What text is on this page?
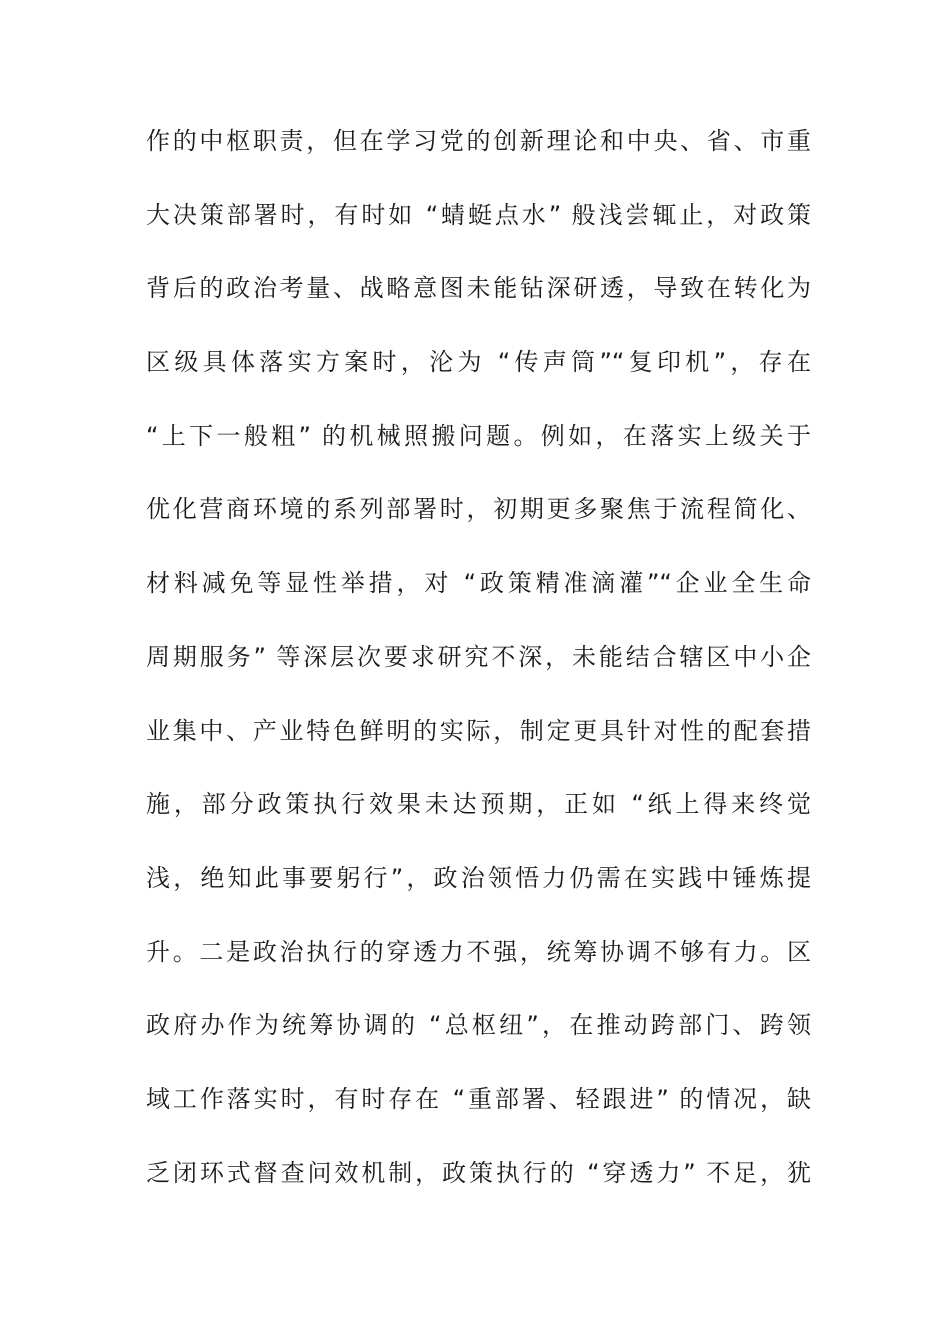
作的中枢职责，但在学习党的创新理论和中央、省、市重
大决策部署时，有时如 “蜻蜓点水” 般浅尝辄止，对政策
背后的政治考量、战略意图未能钻深研透，导致在转化为
区级具体落实方案时，沦为 “传声筒”“复印机”，存在
“上下一般粗” 的机械照搬问题。例如，在落实上级关于
优化营商环境的系列部署时，初期更多聚焦于流程简化、
材料减免等显性举措，对 “政策精准滴灌”“企业全生命
周期服务” 等深层次要求研究不深，未能结合辖区中小企
业集中、产业特色鲜明的实际，制定更具针对性的配套措
施，部分政策执行效果未达预期，正如 “纸上得来终觉
浅，绝知此事要躬行”，政治领悟力仍需在实践中锤炼提
升。二是政治执行的穿透力不强，统筹协调不够有力。区
政府办作为统筹协调的 “总枢纽”，在推动跨部门、跨领
域工作落实时，有时存在 “重部署、轻跟进” 的情况，缺
乏闭环式督查问效机制，政策执行的 “穿透力” 不足，犹
